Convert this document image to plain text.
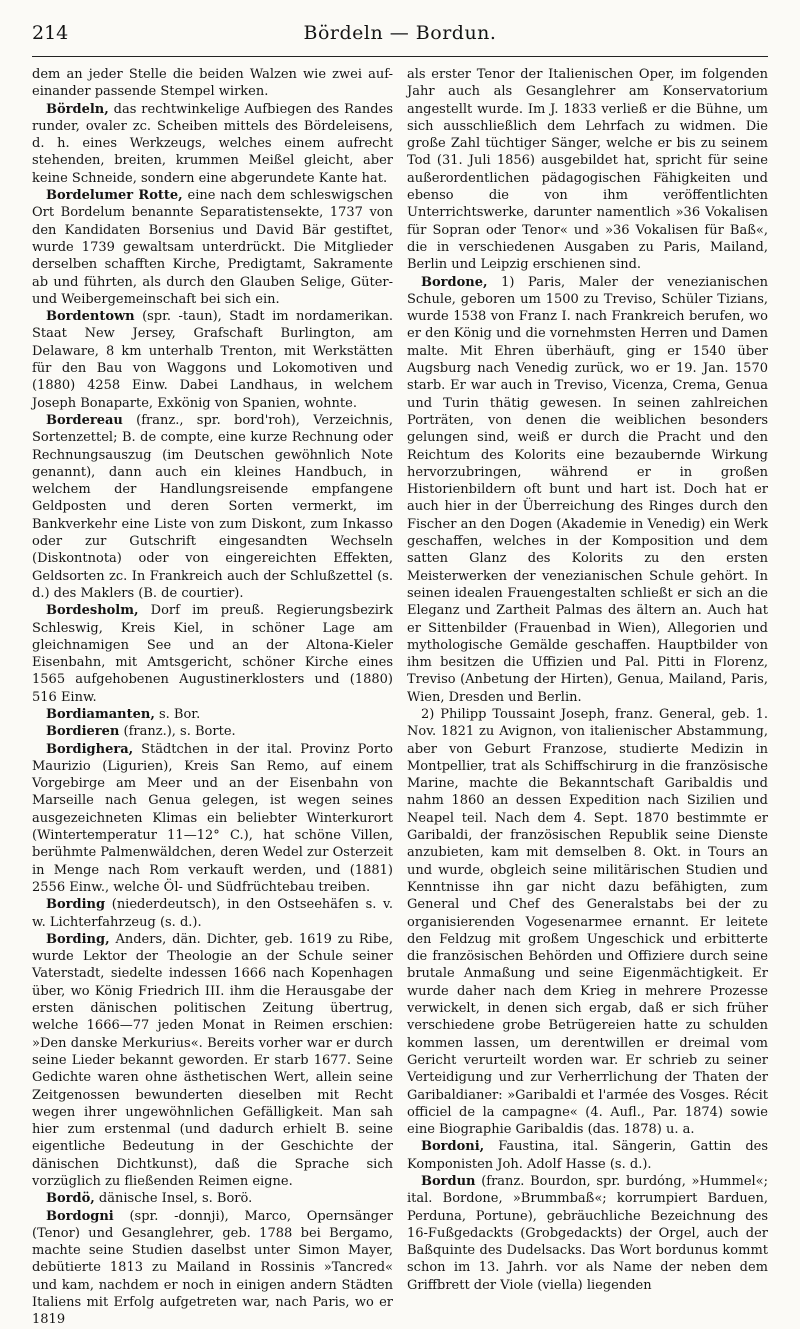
214	Bördeln — Bordun.

dem an jeder Stelle die beiden Walzen wie zwei auf- einander passende Stempel wirken.

Bördeln, das rechtwinkelige Aufbiegen des Randes runder, ovaler zc. Scheiben mittels des Bördeleisens, d. h. eines Werkzeugs, welches einem aufrecht stehenden, breiten, krummen Meißel gleicht, aber keine Schneide, sondern eine abgerundete Kante hat.

Bordelumer Rotte, eine nach dem schleswigschen Ort Bordelum benannte Separatistensekte, 1737 von den Kandidaten Borsenius und David Bär gestiftet, wurde 1739 gewaltsam unterdrückt. Die Mitglieder derselben schafften Kirche, Predigtamt, Sakramente ab und führten, als durch den Glauben Selige, Güter- und Weibergemeinschaft bei sich ein.

Bordentown (spr. -taun), Stadt im nordamerikan. Staat New Jersey, Grafschaft Burlington, am Delaware, 8 km unterhalb Trenton, mit Werkstätten für den Bau von Waggons und Lokomotiven und (1880) 4258 Einw. Dabei Landhaus, in welchem Joseph Bonaparte, Exkönig von Spanien, wohnte.

Bordereau (franz., spr. bord'roh), Verzeichnis, Sortenzettel; B. de compte, eine kurze Rechnung oder Rechnungsauszug (im Deutschen gewöhnlich Note genannt), dann auch ein kleines Handbuch, in welchem der Handlungsreisende empfangene Geldposten und deren Sorten vermerkt, im Bankverkehr eine Liste von zum Diskont, zum Inkasso oder zur Gutschrift eingesandten Wechseln (Diskontnota) oder von eingereichten Effekten, Geldsorten zc. In Frankreich auch der Schlußzettel (s. d.) des Maklers (B. de courtier).

Bordesholm, Dorf im preuß. Regierungsbezirk Schleswig, Kreis Kiel, in schöner Lage am gleichnamigen See und an der Altona-Kieler Eisenbahn, mit Amtsgericht, schöner Kirche eines 1565 aufgehobenen Augustinerklosters und (1880) 516 Einw.

Bordiamanten, s. Bor.

Bordieren (franz.), s. Borte.

Bordighera, Städtchen in der ital. Provinz Porto Maurizio (Ligurien), Kreis San Remo, auf einem Vorgebirge am Meer und an der Eisenbahn von Marseille nach Genua gelegen, ist wegen seines ausgezeichneten Klimas ein beliebter Winterkurort (Wintertemperatur 11—12° C.), hat schöne Villen, berühmte Palmenwäldchen, deren Wedel zur Osterzeit in Menge nach Rom verkauft werden, und (1881) 2556 Einw., welche Öl- und Südfrüchtebau treiben.

Bording (niederdeutsch), in den Ostseehäfen s. v. w. Lichterfahrzeug (s. d.).

Bording, Anders, dän. Dichter, geb. 1619 zu Ribe, wurde Lektor der Theologie an der Schule seiner Vaterstadt, siedelte indessen 1666 nach Kopenhagen über, wo König Friedrich III. ihm die Herausgabe der ersten dänischen politischen Zeitung übertrug, welche 1666—77 jeden Monat in Reimen erschien: »Den danske Merkurius«. Bereits vorher war er durch seine Lieder bekannt geworden. Er starb 1677. Seine Gedichte waren ohne ästhetischen Wert, allein seine Zeitgenossen bewunderten dieselben mit Recht wegen ihrer ungewöhnlichen Gefälligkeit. Man sah hier zum erstenmal (und dadurch erhielt B. seine eigentliche Bedeutung in der Geschichte der dänischen Dichtkunst), daß die Sprache sich vorzüglich zu fließenden Reimen eigne.

Bordö, dänische Insel, s. Borö.

Bordogni (spr. -donnji), Marco, Opernsänger (Tenor) und Gesanglehrer, geb. 1788 bei Bergamo, machte seine Studien daselbst unter Simon Mayer, debütierte 1813 zu Mailand in Rossinis »Tancred« und kam, nachdem er noch in einigen andern Städten Italiens mit Erfolg aufgetreten war, nach Paris, wo er 1819

als erster Tenor der Italienischen Oper, im folgenden Jahr auch als Gesanglehrer am Konservatorium angestellt wurde. Im J. 1833 verließ er die Bühne, um sich ausschließlich dem Lehrfach zu widmen. Die große Zahl tüchtiger Sänger, welche er bis zu seinem Tod (31. Juli 1856) ausgebildet hat, spricht für seine außerordentlichen pädagogischen Fähigkeiten und ebenso die von ihm veröffentlichten Unterrichtswerke, darunter namentlich »36 Vokalisen für Sopran oder Tenor« und »36 Vokalisen für Baß«, die in verschiedenen Ausgaben zu Paris, Mailand, Berlin und Leipzig erschienen sind.

Bordone, 1) Paris, Maler der venezianischen Schule, geboren um 1500 zu Treviso, Schüler Tizians, wurde 1538 von Franz I. nach Frankreich berufen, wo er den König und die vornehmsten Herren und Damen malte. Mit Ehren überhäuft, ging er 1540 über Augsburg nach Venedig zurück, wo er 19. Jan. 1570 starb. Er war auch in Treviso, Vicenza, Crema, Genua und Turin thätig gewesen. In seinen zahlreichen Porträten, von denen die weiblichen besonders gelungen sind, weiß er durch die Pracht und den Reichtum des Kolorits eine bezaubernde Wirkung hervorzubringen, während er in großen Historienbildern oft bunt und hart ist. Doch hat er auch hier in der Überreichung des Ringes durch den Fischer an den Dogen (Akademie in Venedig) ein Werk geschaffen, welches in der Komposition und dem satten Glanz des Kolorits zu den ersten Meisterwerken der venezianischen Schule gehört. In seinen idealen Frauengestalten schließt er sich an die Eleganz und Zartheit Palmas des ältern an. Auch hat er Sittenbilder (Frauenbad in Wien), Allegorien und mythologische Gemälde geschaffen. Hauptbilder von ihm besitzen die Uffizien und Pal. Pitti in Florenz, Treviso (Anbetung der Hirten), Genua, Mailand, Paris, Wien, Dresden und Berlin.

2) Philipp Toussaint Joseph, franz. General, geb. 1. Nov. 1821 zu Avignon, von italienischer Abstammung, aber von Geburt Franzose, studierte Medizin in Montpellier, trat als Schiffschirurg in die französische Marine, machte die Bekanntschaft Garibaldis und nahm 1860 an dessen Expedition nach Sizilien und Neapel teil. Nach dem 4. Sept. 1870 bestimmte er Garibaldi, der französischen Republik seine Dienste anzubieten, kam mit demselben 8. Okt. in Tours an und wurde, obgleich seine militärischen Studien und Kenntnisse ihn gar nicht dazu befähigten, zum General und Chef des Generalstabs bei der zu organisierenden Vogesenarmee ernannt. Er leitete den Feldzug mit großem Ungeschick und erbitterte die französischen Behörden und Offiziere durch seine brutale Anmaßung und seine Eigenmächtigkeit. Er wurde daher nach dem Krieg in mehrere Prozesse verwickelt, in denen sich ergab, daß er sich früher verschiedene grobe Betrügereien hatte zu schulden kommen lassen, um derentwillen er dreimal vom Gericht verurteilt worden war. Er schrieb zu seiner Verteidigung und zur Verherrlichung der Thaten der Garibaldianer: »Garibaldi et l'armée des Vosges. Récit officiel de la campagne« (4. Aufl., Par. 1874) sowie eine Biographie Garibaldis (das. 1878) u. a.

Bordoni, Faustina, ital. Sängerin, Gattin des Komponisten Joh. Adolf Hasse (s. d.).

Bordun (franz. Bourdon, spr. burdóng, »Hummel«; ital. Bordone, »Brummbaß«; korrumpiert Barduen, Perduna, Portune), gebräuchliche Bezeichnung des 16-Fußgedackts (Grobgedackts) der Orgel, auch der Baßquinte des Dudelsacks. Das Wort bordunus kommt schon im 13. Jahrh. vor als Name der neben dem Griffbrett der Viole (viella) liegenden
